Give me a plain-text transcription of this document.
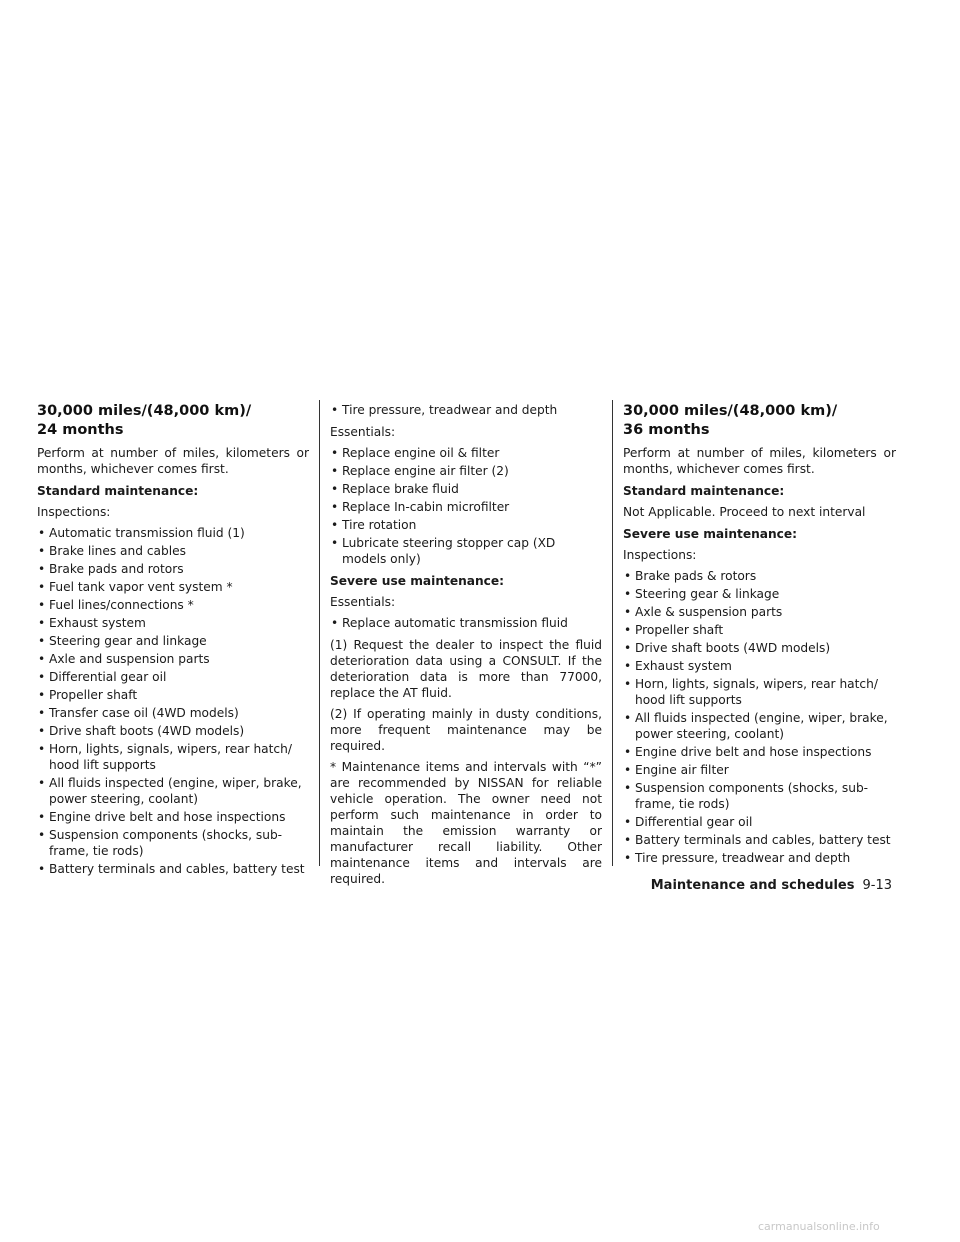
30,000 miles/(48,000 km)/
24 months

Perform at number of miles, kilometers or months, whichever comes first.

Standard maintenance:

Inspections:

• Automatic transmission fluid (1)
• Brake lines and cables
• Brake pads and rotors
• Fuel tank vapor vent system *
• Fuel lines/connections *
• Exhaust system
• Steering gear and linkage
• Axle and suspension parts
• Differential gear oil
• Propeller shaft
• Transfer case oil (4WD models)
• Drive shaft boots (4WD models)
• Horn, lights, signals, wipers, rear hatch/ hood lift supports
• All fluids inspected (engine, wiper, brake, power steering, coolant)
• Engine drive belt and hose inspections
• Suspension components (shocks, sub-frame, tie rods)
• Battery terminals and cables, battery test
• Tire pressure, treadwear and depth

Essentials:

• Replace engine oil & filter
• Replace engine air filter (2)
• Replace brake fluid
• Replace In-cabin microfilter
• Tire rotation
• Lubricate steering stopper cap (XD models only)

Severe use maintenance:

Essentials:

• Replace automatic transmission fluid

(1) Request the dealer to inspect the fluid deterioration data using a CONSULT. If the deterioration data is more than 77000, replace the AT fluid.

(2) If operating mainly in dusty conditions, more frequent maintenance may be required.

* Maintenance items and intervals with “*” are recommended by NISSAN for reliable vehicle operation. The owner need not perform such maintenance in order to maintain the emission warranty or manufacturer recall liability. Other maintenance items and intervals are required.

30,000 miles/(48,000 km)/
36 months

Perform at number of miles, kilometers or months, whichever comes first.

Standard maintenance:

Not Applicable. Proceed to next interval

Severe use maintenance:

Inspections:

• Brake pads & rotors
• Steering gear & linkage
• Axle & suspension parts
• Propeller shaft
• Drive shaft boots (4WD models)
• Exhaust system
• Horn, lights, signals, wipers, rear hatch/ hood lift supports
• All fluids inspected (engine, wiper, brake, power steering, coolant)
• Engine drive belt and hose inspections
• Engine air filter
• Suspension components (shocks, sub-frame, tie rods)
• Differential gear oil
• Battery terminals and cables, battery test
• Tire pressure, treadwear and depth
Maintenance and schedules 9-13
carmanualsonline.info
